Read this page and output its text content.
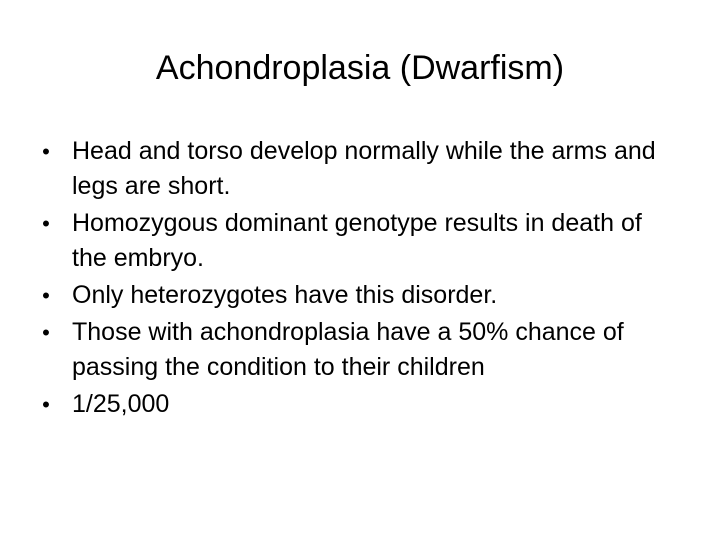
Achondroplasia (Dwarfism)
• Head and torso develop normally while the arms and legs are short.
• Homozygous dominant genotype results in death of the embryo.
• Only heterozygotes have this disorder.
• Those with achondroplasia have a 50% chance of passing the condition to their children
• 1/25,000
